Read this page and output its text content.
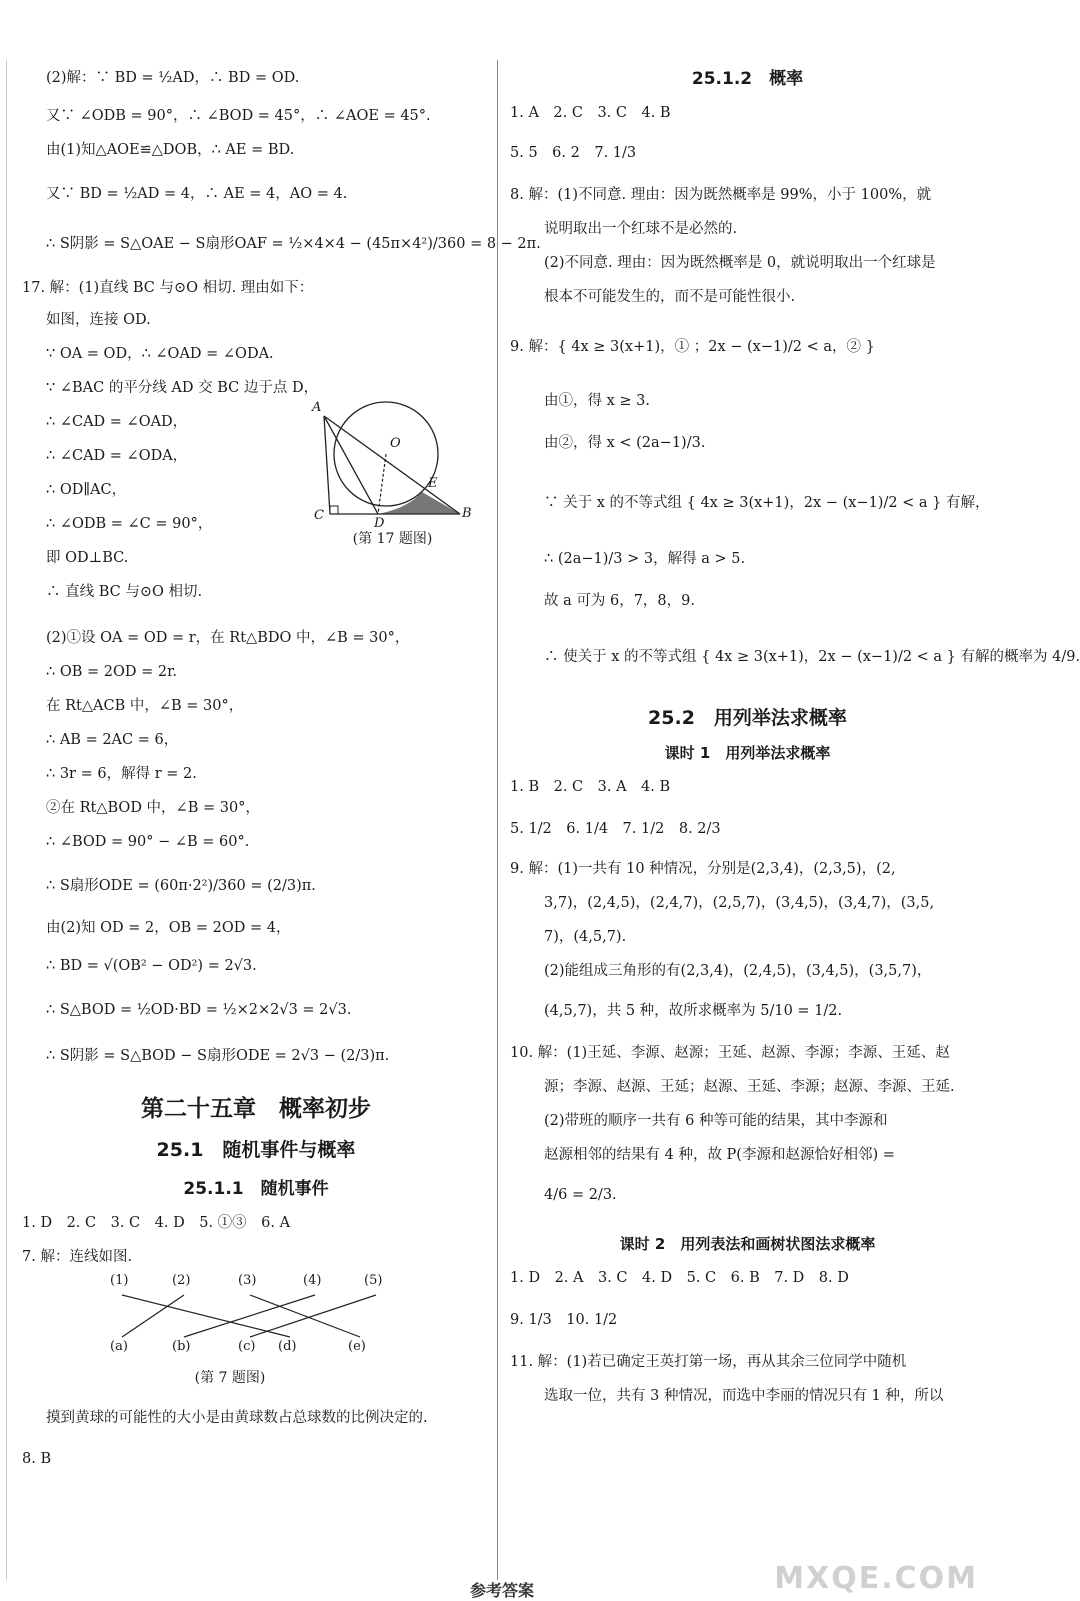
(2)解：∵ BD = ½AD，∴ BD = OD.

又∵ ∠ODB = 90°，∴ ∠BOD = 45°，∴ ∠AOE = 45°.

由(1)知△AOE≌△DOB，∴ AE = BD.

又∵ BD = ½AD = 4，∴ AE = 4，AO = 4.

∴ S阴影 = S△OAE − S扇形OAF = ½×4×4 − (45π×4²)/360 = 8 − 2π.

17. 解：(1)直线 BC 与⊙O 相切. 理由如下：

如图，连接 OD.

∵ OA = OD，∴ ∠OAD = ∠ODA.

∵ ∠BAC 的平分线 AD 交 BC 边于点 D，

∴ ∠CAD = ∠OAD，

∴ ∠CAD = ∠ODA，

∴ OD∥AC，

∴ ∠ODB = ∠C = 90°，

即 OD⊥BC.

∴ 直线 BC 与⊙O 相切.

A
O
E
C
D
B
(第 17 题图)

(2)①设 OA = OD = r，在 Rt△BDO 中，∠B = 30°，

∴ OB = 2OD = 2r.

在 Rt△ACB 中，∠B = 30°，

∴ AB = 2AC = 6，

∴ 3r = 6，解得 r = 2.

②在 Rt△BOD 中，∠B = 30°，

∴ ∠BOD = 90° − ∠B = 60°.

∴ S扇形ODE = (60π·2²)/360 = (2/3)π.

由(2)知 OD = 2，OB = 2OD = 4，

∴ BD = √(OB² − OD²) = 2√3.

∴ S△BOD = ½OD·BD = ½×2×2√3 = 2√3.

∴ S阴影 = S△BOD − S扇形ODE = 2√3 − (2/3)π.

第二十五章　概率初步
25.1　随机事件与概率
25.1.1　随机事件

1. D　2. C　3. C　4. D　5. ①③　6. A

7. 解：连线如图.

(1)	(2)	(3)	(4)	(5)
(a)	(b)	(c) (d)	(e)
(第 7 题图)

摸到黄球的可能性的大小是由黄球数占总球数的比例决定的.

8. B

25.1.2　概率

1. A　2. C　3. C　4. B

5. 5　6. 2　7. 1/3

8. 解：(1)不同意. 理由：因为既然概率是 99%，小于 100%，就

说明取出一个红球不是必然的.

(2)不同意. 理由：因为既然概率是 0，就说明取出一个红球是

根本不可能发生的，而不是可能性很小.

9. 解：{ 4x ≥ 3(x+1)，① ；2x − (x−1)/2 < a，② }

由①，得 x ≥ 3.

由②，得 x < (2a−1)/3.

∵ 关于 x 的不等式组 { 4x ≥ 3(x+1)，2x − (x−1)/2 < a } 有解，

∴ (2a−1)/3 > 3，解得 a > 5.

故 a 可为 6，7，8，9.

∴ 使关于 x 的不等式组 { 4x ≥ 3(x+1)，2x − (x−1)/2 < a } 有解的概率为 4/9.

25.2　用列举法求概率
课时 1　用列举法求概率

1. B　2. C　3. A　4. B

5. 1/2　6. 1/4　7. 1/2　8. 2/3

9. 解：(1)一共有 10 种情况，分别是(2,3,4)，(2,3,5)，(2,

3,7)，(2,4,5)，(2,4,7)，(2,5,7)，(3,4,5)，(3,4,7)，(3,5,

7)，(4,5,7).

(2)能组成三角形的有(2,3,4)，(2,4,5)，(3,4,5)，(3,5,7)，

(4,5,7)，共 5 种，故所求概率为 5/10 = 1/2.

10. 解：(1)王延、李源、赵源；王延、赵源、李源；李源、王延、赵

源；李源、赵源、王延；赵源、王延、李源；赵源、李源、王延.

(2)带班的顺序一共有 6 种等可能的结果，其中李源和

赵源相邻的结果有 4 种，故 P(李源和赵源恰好相邻) =

4/6 = 2/3.

课时 2　用列表法和画树状图法求概率

1. D　2. A　3. C　4. D　5. C　6. B　7. D　8. D

9. 1/3　10. 1/2

11. 解：(1)若已确定王英打第一场，再从其余三位同学中随机

选取一位，共有 3 种情况，而选中李丽的情况只有 1 种，所以

参考答案	MXQE.COM
